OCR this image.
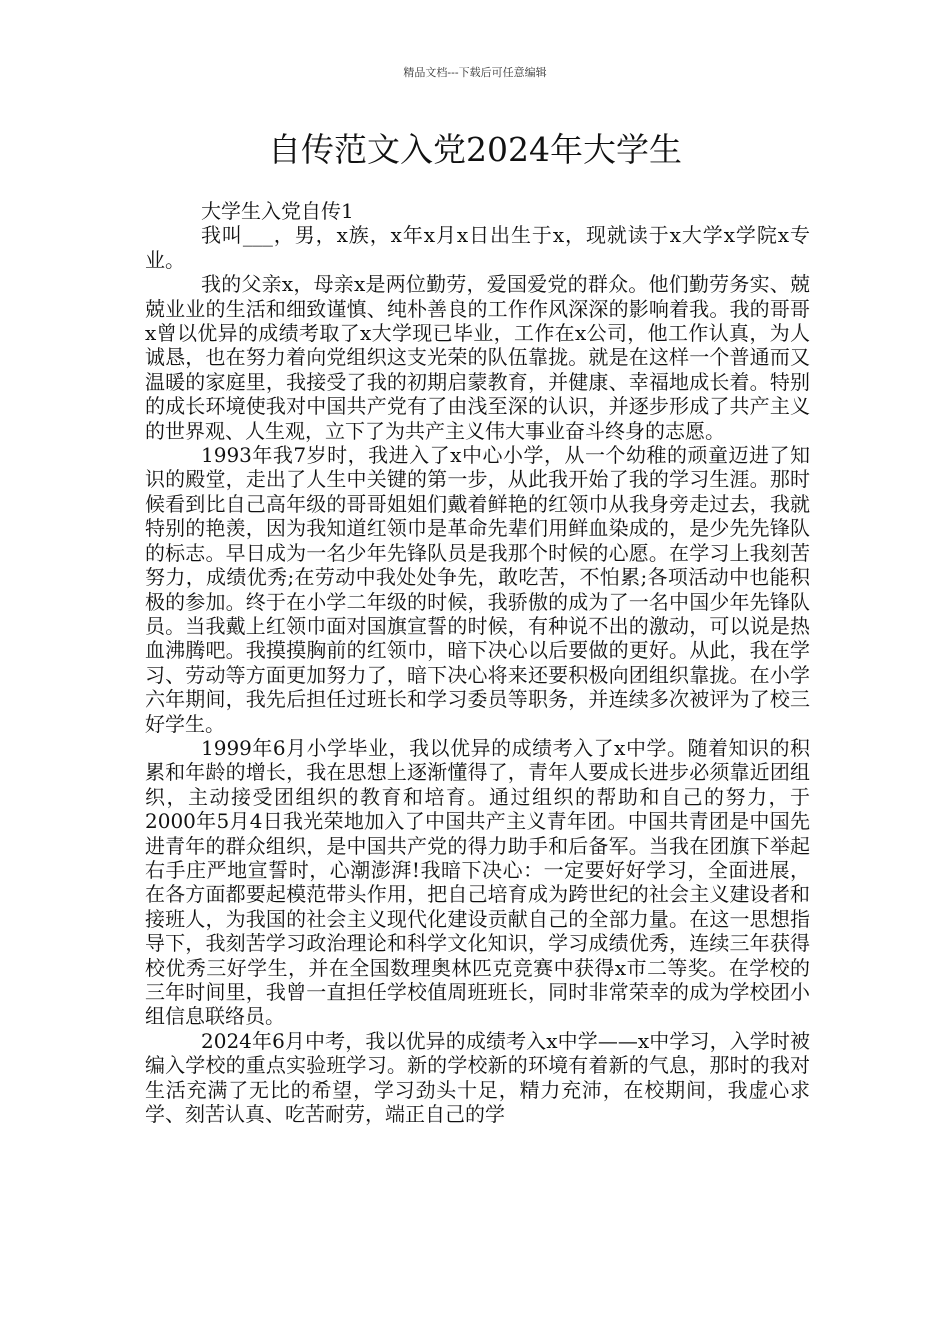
精品文档---下载后可任意编辑
自传范文入党2024年大学生

大学生入党自传1

我叫___，男，x族，x年x月x日出生于x，现就读于x大学x学院x专业。

我的父亲x，母亲x是两位勤劳，爱国爱党的群众。他们勤劳务实、兢兢业业的生活和细致谨慎、纯朴善良的工作作风深深的影响着我。我的哥哥x曾以优异的成绩考取了x大学现已毕业，工作在x公司，他工作认真，为人诚恳，也在努力着向党组织这支光荣的队伍靠拢。就是在这样一个普通而又温暖的家庭里，我接受了我的初期启蒙教育，并健康、幸福地成长着。特别的成长环境使我对中国共产党有了由浅至深的认识，并逐步形成了共产主义的世界观、人生观，立下了为共产主义伟大事业奋斗终身的志愿。

1993年我7岁时，我进入了x中心小学，从一个幼稚的顽童迈进了知识的殿堂，走出了人生中关键的第一步，从此我开始了我的学习生涯。那时候看到比自己高年级的哥哥姐姐们戴着鲜艳的红领巾从我身旁走过去，我就特别的艳羡，因为我知道红领巾是革命先辈们用鲜血染成的，是少先先锋队的标志。早日成为一名少年先锋队员是我那个时候的心愿。在学习上我刻苦努力，成绩优秀;在劳动中我处处争先，敢吃苦，不怕累;各项活动中也能积极的参加。终于在小学二年级的时候，我骄傲的成为了一名中国少年先锋队员。当我戴上红领巾面对国旗宣誓的时候，有种说不出的激动，可以说是热血沸腾吧。我摸摸胸前的红领巾，暗下决心以后要做的更好。从此，我在学习、劳动等方面更加努力了，暗下决心将来还要积极向团组织靠拢。在小学六年期间，我先后担任过班长和学习委员等职务，并连续多次被评为了校三好学生。

1999年6月小学毕业，我以优异的成绩考入了x中学。随着知识的积累和年龄的增长，我在思想上逐渐懂得了，青年人要成长进步必须靠近团组织，主动接受团组织的教育和培育。通过组织的帮助和自己的努力，于2000年5月4日我光荣地加入了中国共产主义青年团。中国共青团是中国先进青年的群众组织，是中国共产党的得力助手和后备军。当我在团旗下举起右手庄严地宣誓时，心潮澎湃!我暗下决心：一定要好好学习，全面进展，在各方面都要起模范带头作用，把自己培育成为跨世纪的社会主义建设者和接班人，为我国的社会主义现代化建设贡献自己的全部力量。在这一思想指导下，我刻苦学习政治理论和科学文化知识，学习成绩优秀，连续三年获得校优秀三好学生，并在全国数理奥林匹克竞赛中获得x市二等奖。在学校的三年时间里，我曾一直担任学校值周班班长，同时非常荣幸的成为学校团小组信息联络员。

2024年6月中考，我以优异的成绩考入x中学——x中学习，入学时被编入学校的重点实验班学习。新的学校新的环境有着新的气息，那时的我对生活充满了无比的希望，学习劲头十足，精力充沛，在校期间，我虚心求学、刻苦认真、吃苦耐劳，端正自己的学
